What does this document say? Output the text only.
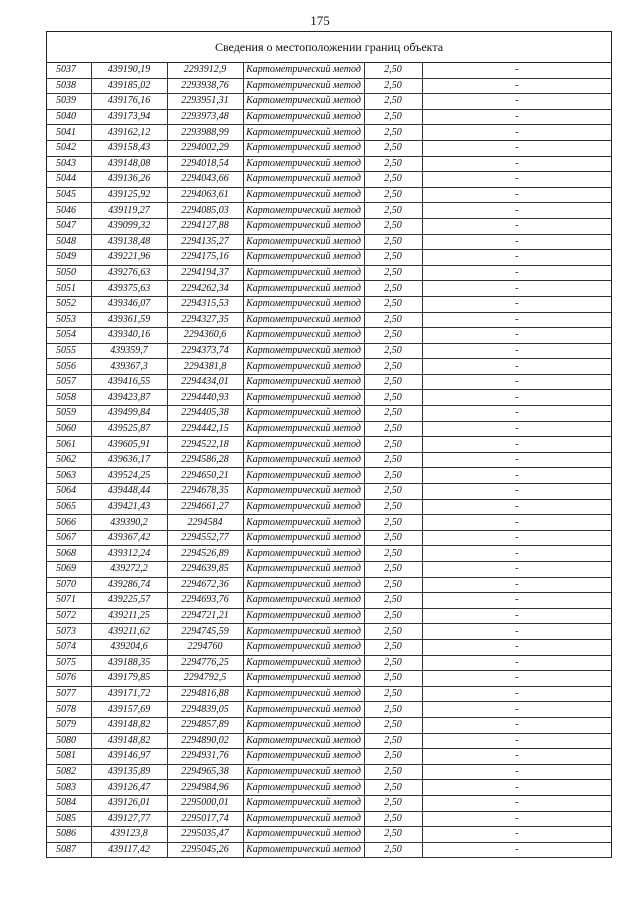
175
Сведения о местоположении границ объекта
5037	439190,19	2293912,9	Картометрический метод	2,50	-
5038	439185,02	2293938,76	Картометрический метод	2,50	-
5039	439176,16	2293951,31	Картометрический метод	2,50	-
5040	439173,94	2293973,48	Картометрический метод	2,50	-
5041	439162,12	2293988,99	Картометрический метод	2,50	-
5042	439158,43	2294002,29	Картометрический метод	2,50	-
5043	439148,08	2294018,54	Картометрический метод	2,50	-
5044	439136,26	2294043,66	Картометрический метод	2,50	-
5045	439125,92	2294063,61	Картометрический метод	2,50	-
5046	439119,27	2294085,03	Картометрический метод	2,50	-
5047	439099,32	2294127,88	Картометрический метод	2,50	-
5048	439138,48	2294135,27	Картометрический метод	2,50	-
5049	439221,96	2294175,16	Картометрический метод	2,50	-
5050	439276,63	2294194,37	Картометрический метод	2,50	-
5051	439375,63	2294262,34	Картометрический метод	2,50	-
5052	439346,07	2294315,53	Картометрический метод	2,50	-
5053	439361,59	2294327,35	Картометрический метод	2,50	-
5054	439340,16	2294360,6	Картометрический метод	2,50	-
5055	439359,7	2294373,74	Картометрический метод	2,50	-
5056	439367,3	2294381,8	Картометрический метод	2,50	-
5057	439416,55	2294434,01	Картометрический метод	2,50	-
5058	439423,87	2294440,93	Картометрический метод	2,50	-
5059	439499,84	2294405,38	Картометрический метод	2,50	-
5060	439525,87	2294442,15	Картометрический метод	2,50	-
5061	439605,91	2294522,18	Картометрический метод	2,50	-
5062	439636,17	2294586,28	Картометрический метод	2,50	-
5063	439524,25	2294650,21	Картометрический метод	2,50	-
5064	439448,44	2294678,35	Картометрический метод	2,50	-
5065	439421,43	2294661,27	Картометрический метод	2,50	-
5066	439390,2	2294584	Картометрический метод	2,50	-
5067	439367,42	2294552,77	Картометрический метод	2,50	-
5068	439312,24	2294526,89	Картометрический метод	2,50	-
5069	439272,2	2294639,85	Картометрический метод	2,50	-
5070	439286,74	2294672,36	Картометрический метод	2,50	-
5071	439225,57	2294693,76	Картометрический метод	2,50	-
5072	439211,25	2294721,21	Картометрический метод	2,50	-
5073	439211,62	2294745,59	Картометрический метод	2,50	-
5074	439204,6	2294760	Картометрический метод	2,50	-
5075	439188,35	2294776,25	Картометрический метод	2,50	-
5076	439179,85	2294792,5	Картометрический метод	2,50	-
5077	439171,72	2294816,88	Картометрический метод	2,50	-
5078	439157,69	2294839,05	Картометрический метод	2,50	-
5079	439148,82	2294857,89	Картометрический метод	2,50	-
5080	439148,82	2294890,02	Картометрический метод	2,50	-
5081	439146,97	2294931,76	Картометрический метод	2,50	-
5082	439135,89	2294965,38	Картометрический метод	2,50	-
5083	439126,47	2294984,96	Картометрический метод	2,50	-
5084	439126,01	2295000,01	Картометрический метод	2,50	-
5085	439127,77	2295017,74	Картометрический метод	2,50	-
5086	439123,8	2295035,47	Картометрический метод	2,50	-
5087	439117,42	2295045,26	Картометрический метод	2,50	-
